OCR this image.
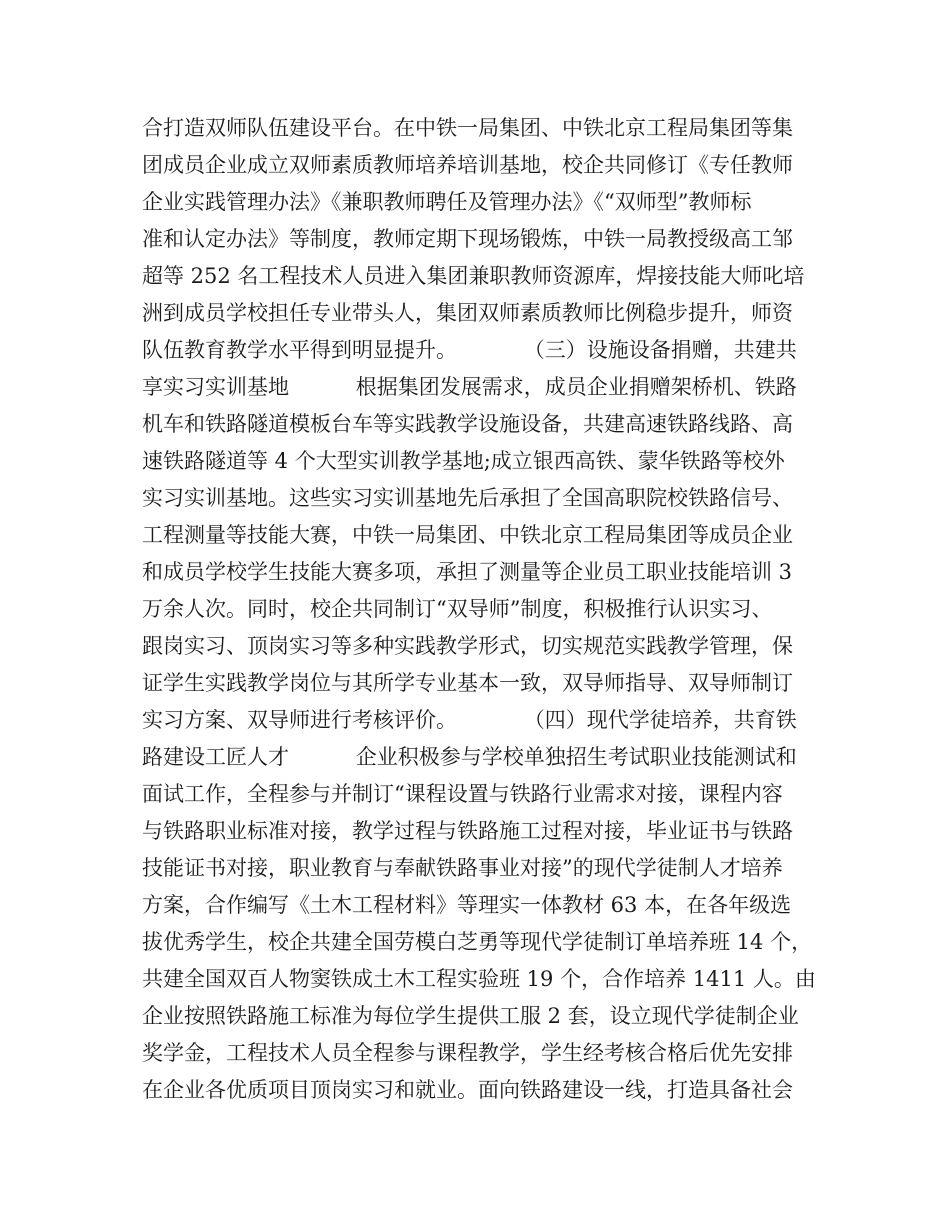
合打造双师队伍建设平台。在中铁一局集团、中铁北京工程局集团等集
团成员企业成立双师素质教师培养培训基地，校企共同修订《专任教师
企业实践管理办法》《兼职教师聘任及管理办法》《“双师型”教师标
准和认定办法》等制度，教师定期下现场锻炼，中铁一局教授级高工邹
超等 252 名工程技术人员进入集团兼职教师资源库，焊接技能大师叱培
洲到成员学校担任专业带头人，集团双师素质教师比例稳步提升，师资
队伍教育教学水平得到明显提升。          （三）设施设备捐赠，共建共
享实习实训基地          根据集团发展需求，成员企业捐赠架桥机、铁路
机车和铁路隧道模板台车等实践教学设施设备，共建高速铁路线路、高
速铁路隧道等 4 个大型实训教学基地;成立银西高铁、蒙华铁路等校外
实习实训基地。这些实习实训基地先后承担了全国高职院校铁路信号、
工程测量等技能大赛，中铁一局集团、中铁北京工程局集团等成员企业
和成员学校学生技能大赛多项，承担了测量等企业员工职业技能培训 3
万余人次。同时，校企共同制订“双导师”制度，积极推行认识实习、
跟岗实习、顶岗实习等多种实践教学形式，切实规范实践教学管理，保
证学生实践教学岗位与其所学专业基本一致，双导师指导、双导师制订
实习方案、双导师进行考核评价。          （四）现代学徒培养，共育铁
路建设工匠人才          企业积极参与学校单独招生考试职业技能测试和
面试工作，全程参与并制订“课程设置与铁路行业需求对接，课程内容
与铁路职业标准对接，教学过程与铁路施工过程对接，毕业证书与铁路
技能证书对接，职业教育与奉献铁路事业对接”的现代学徒制人才培养
方案，合作编写《土木工程材料》等理实一体教材 63 本，在各年级选
拔优秀学生，校企共建全国劳模白芝勇等现代学徒制订单培养班 14 个，
共建全国双百人物窦铁成土木工程实验班 19 个，合作培养 1411 人。由
企业按照铁路施工标准为每位学生提供工服 2 套，设立现代学徒制企业
奖学金，工程技术人员全程参与课程教学，学生经考核合格后优先安排
在企业各优质项目顶岗实习和就业。面向铁路建设一线，打造具备社会
